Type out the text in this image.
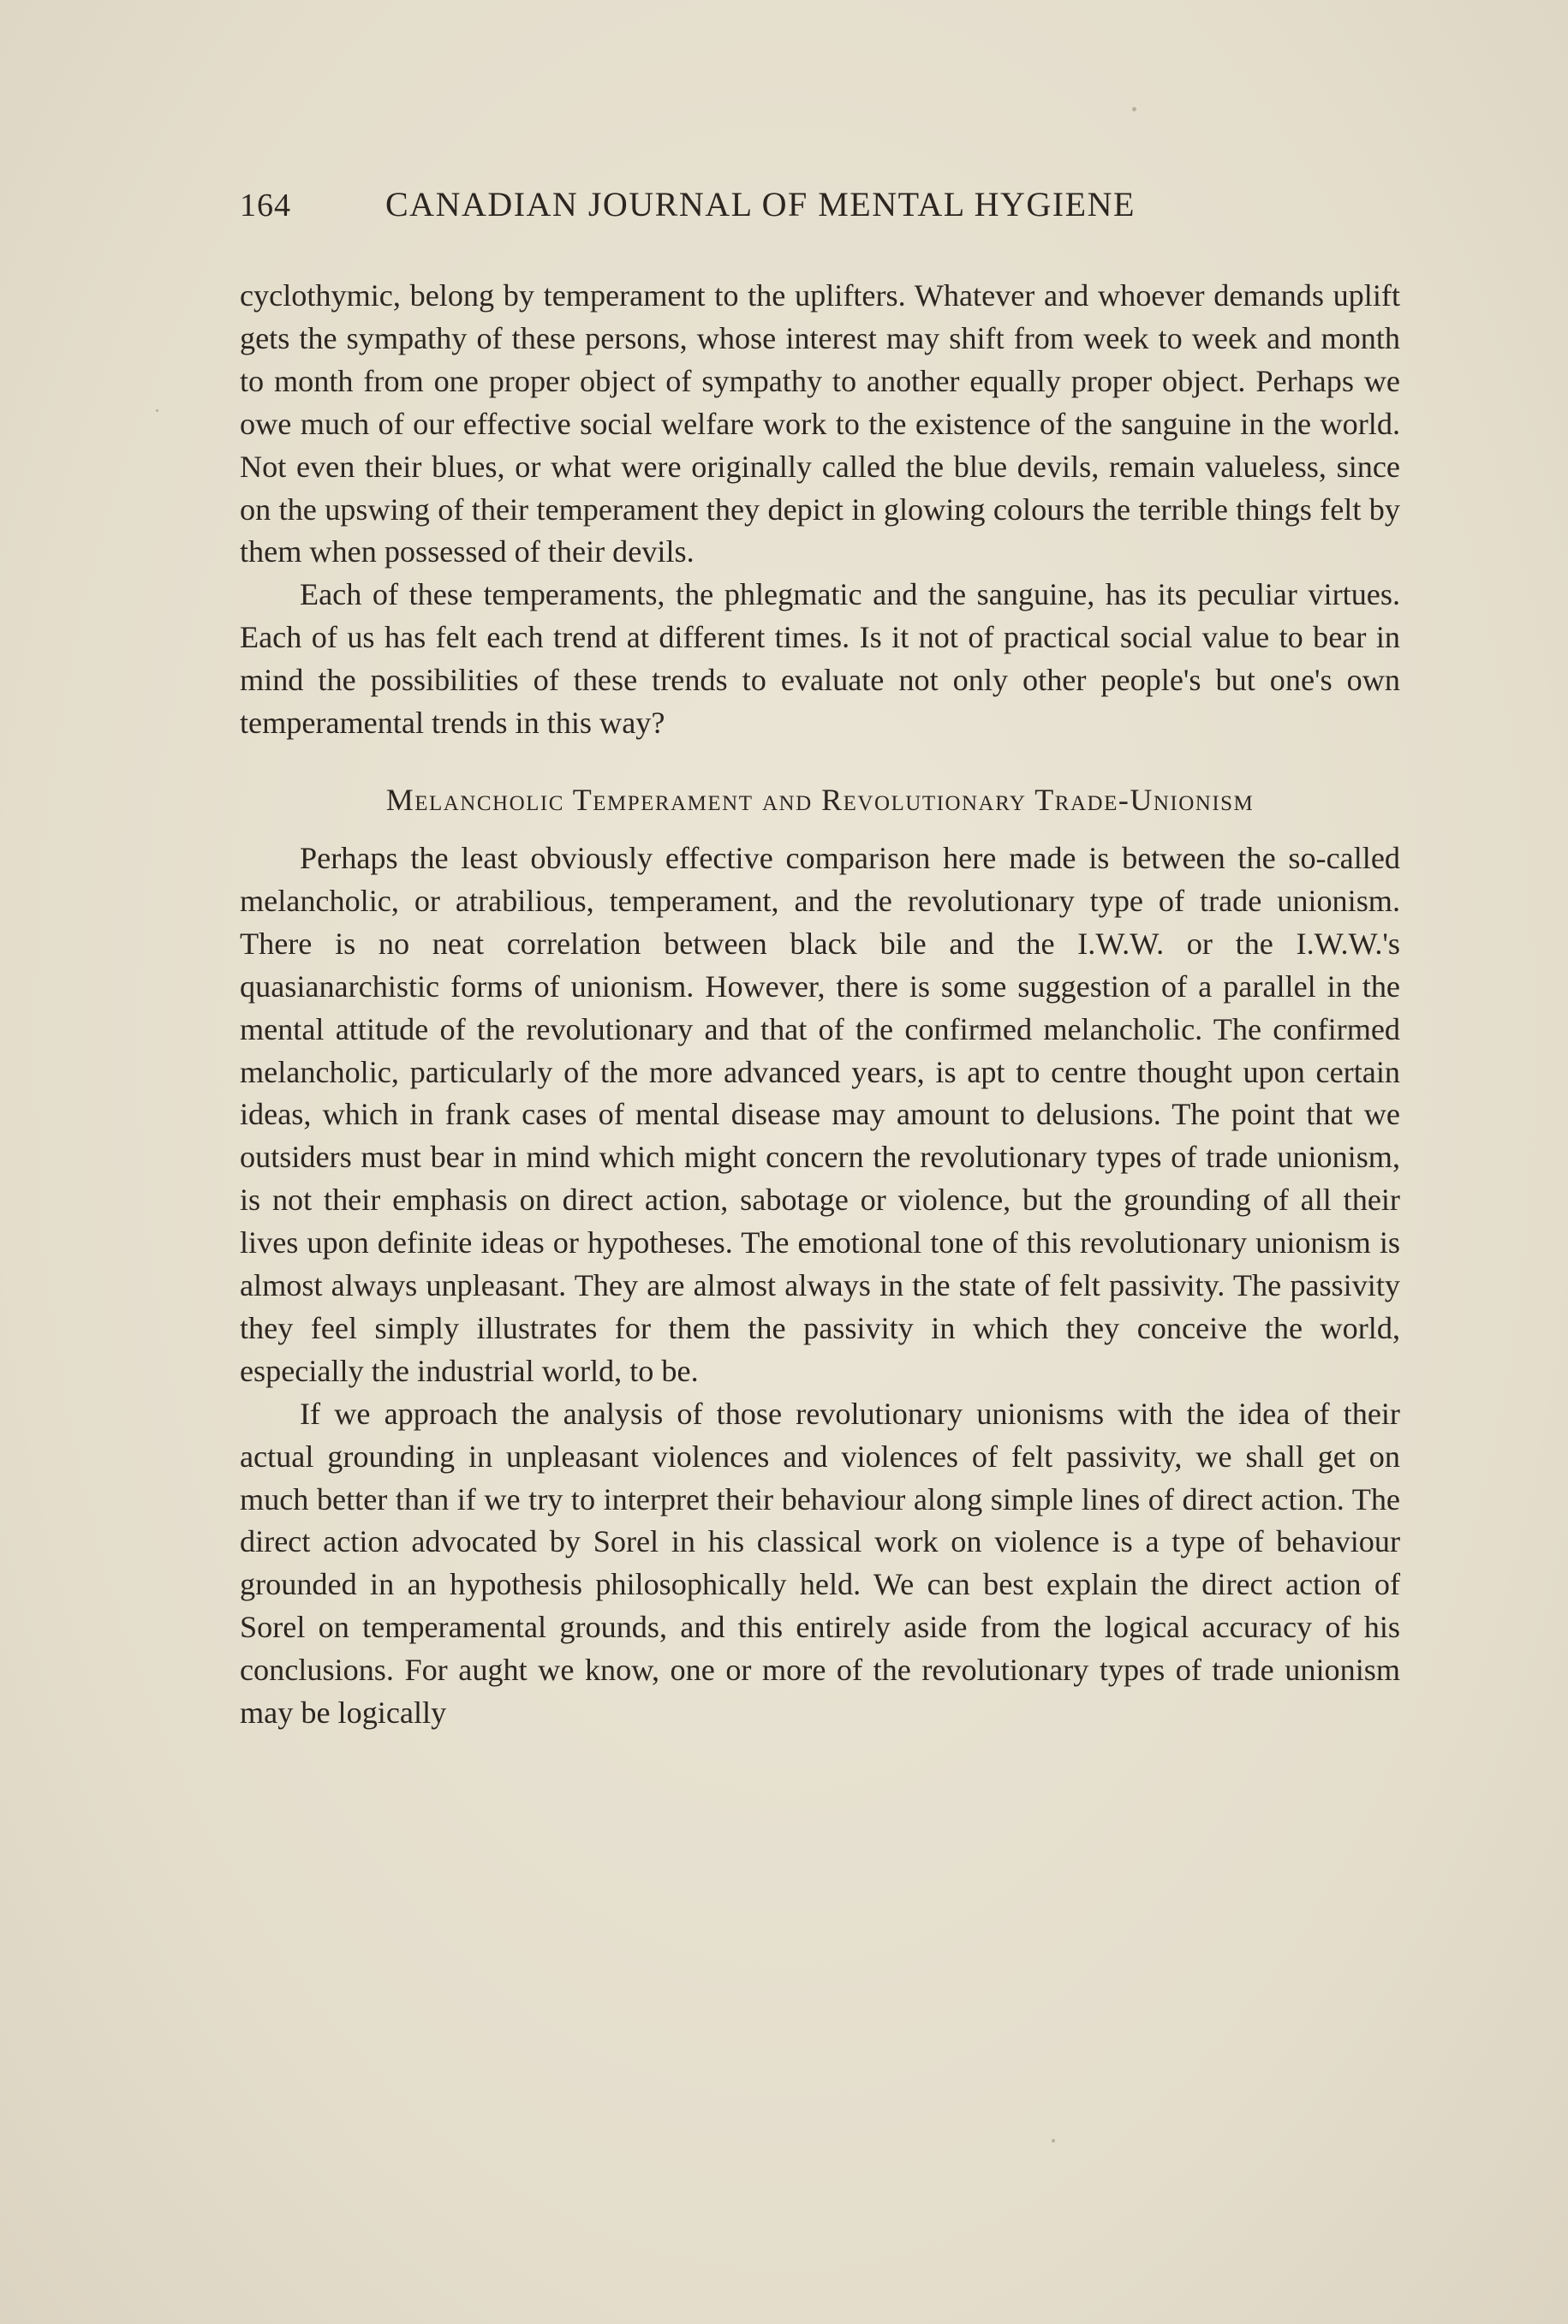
164	CANADIAN JOURNAL OF MENTAL HYGIENE

cyclothymic, belong by temperament to the uplifters. Whatever and whoever demands uplift gets the sympathy of these persons, whose interest may shift from week to week and month to month from one proper object of sympathy to another equally proper object. Perhaps we owe much of our effective social welfare work to the existence of the sanguine in the world. Not even their blues, or what were originally called the blue devils, remain valueless, since on the upswing of their temperament they depict in glowing colours the terrible things felt by them when possessed of their devils.

Each of these temperaments, the phlegmatic and the sanguine, has its peculiar virtues. Each of us has felt each trend at different times. Is it not of practical social value to bear in mind the possibilities of these trends to evaluate not only other people's but one's own temperamental trends in this way?

Melancholic Temperament and Revolutionary Trade-Unionism

Perhaps the least obviously effective comparison here made is between the so-called melancholic, or atrabilious, temperament, and the revolutionary type of trade unionism. There is no neat correlation between black bile and the I.W.W. or the I.W.W.'s quasianarchistic forms of unionism. However, there is some suggestion of a parallel in the mental attitude of the revolutionary and that of the confirmed melancholic. The confirmed melancholic, particularly of the more advanced years, is apt to centre thought upon certain ideas, which in frank cases of mental disease may amount to delusions. The point that we outsiders must bear in mind which might concern the revolutionary types of trade unionism, is not their emphasis on direct action, sabotage or violence, but the grounding of all their lives upon definite ideas or hypotheses. The emotional tone of this revolutionary unionism is almost always unpleasant. They are almost always in the state of felt passivity. The passivity they feel simply illustrates for them the passivity in which they conceive the world, especially the industrial world, to be.

If we approach the analysis of those revolutionary unionisms with the idea of their actual grounding in unpleasant violences and violences of felt passivity, we shall get on much better than if we try to interpret their behaviour along simple lines of direct action. The direct action advocated by Sorel in his classical work on violence is a type of behaviour grounded in an hypothesis philosophically held. We can best explain the direct action of Sorel on temperamental grounds, and this entirely aside from the logical accuracy of his conclusions. For aught we know, one or more of the revolutionary types of trade unionism may be logically
